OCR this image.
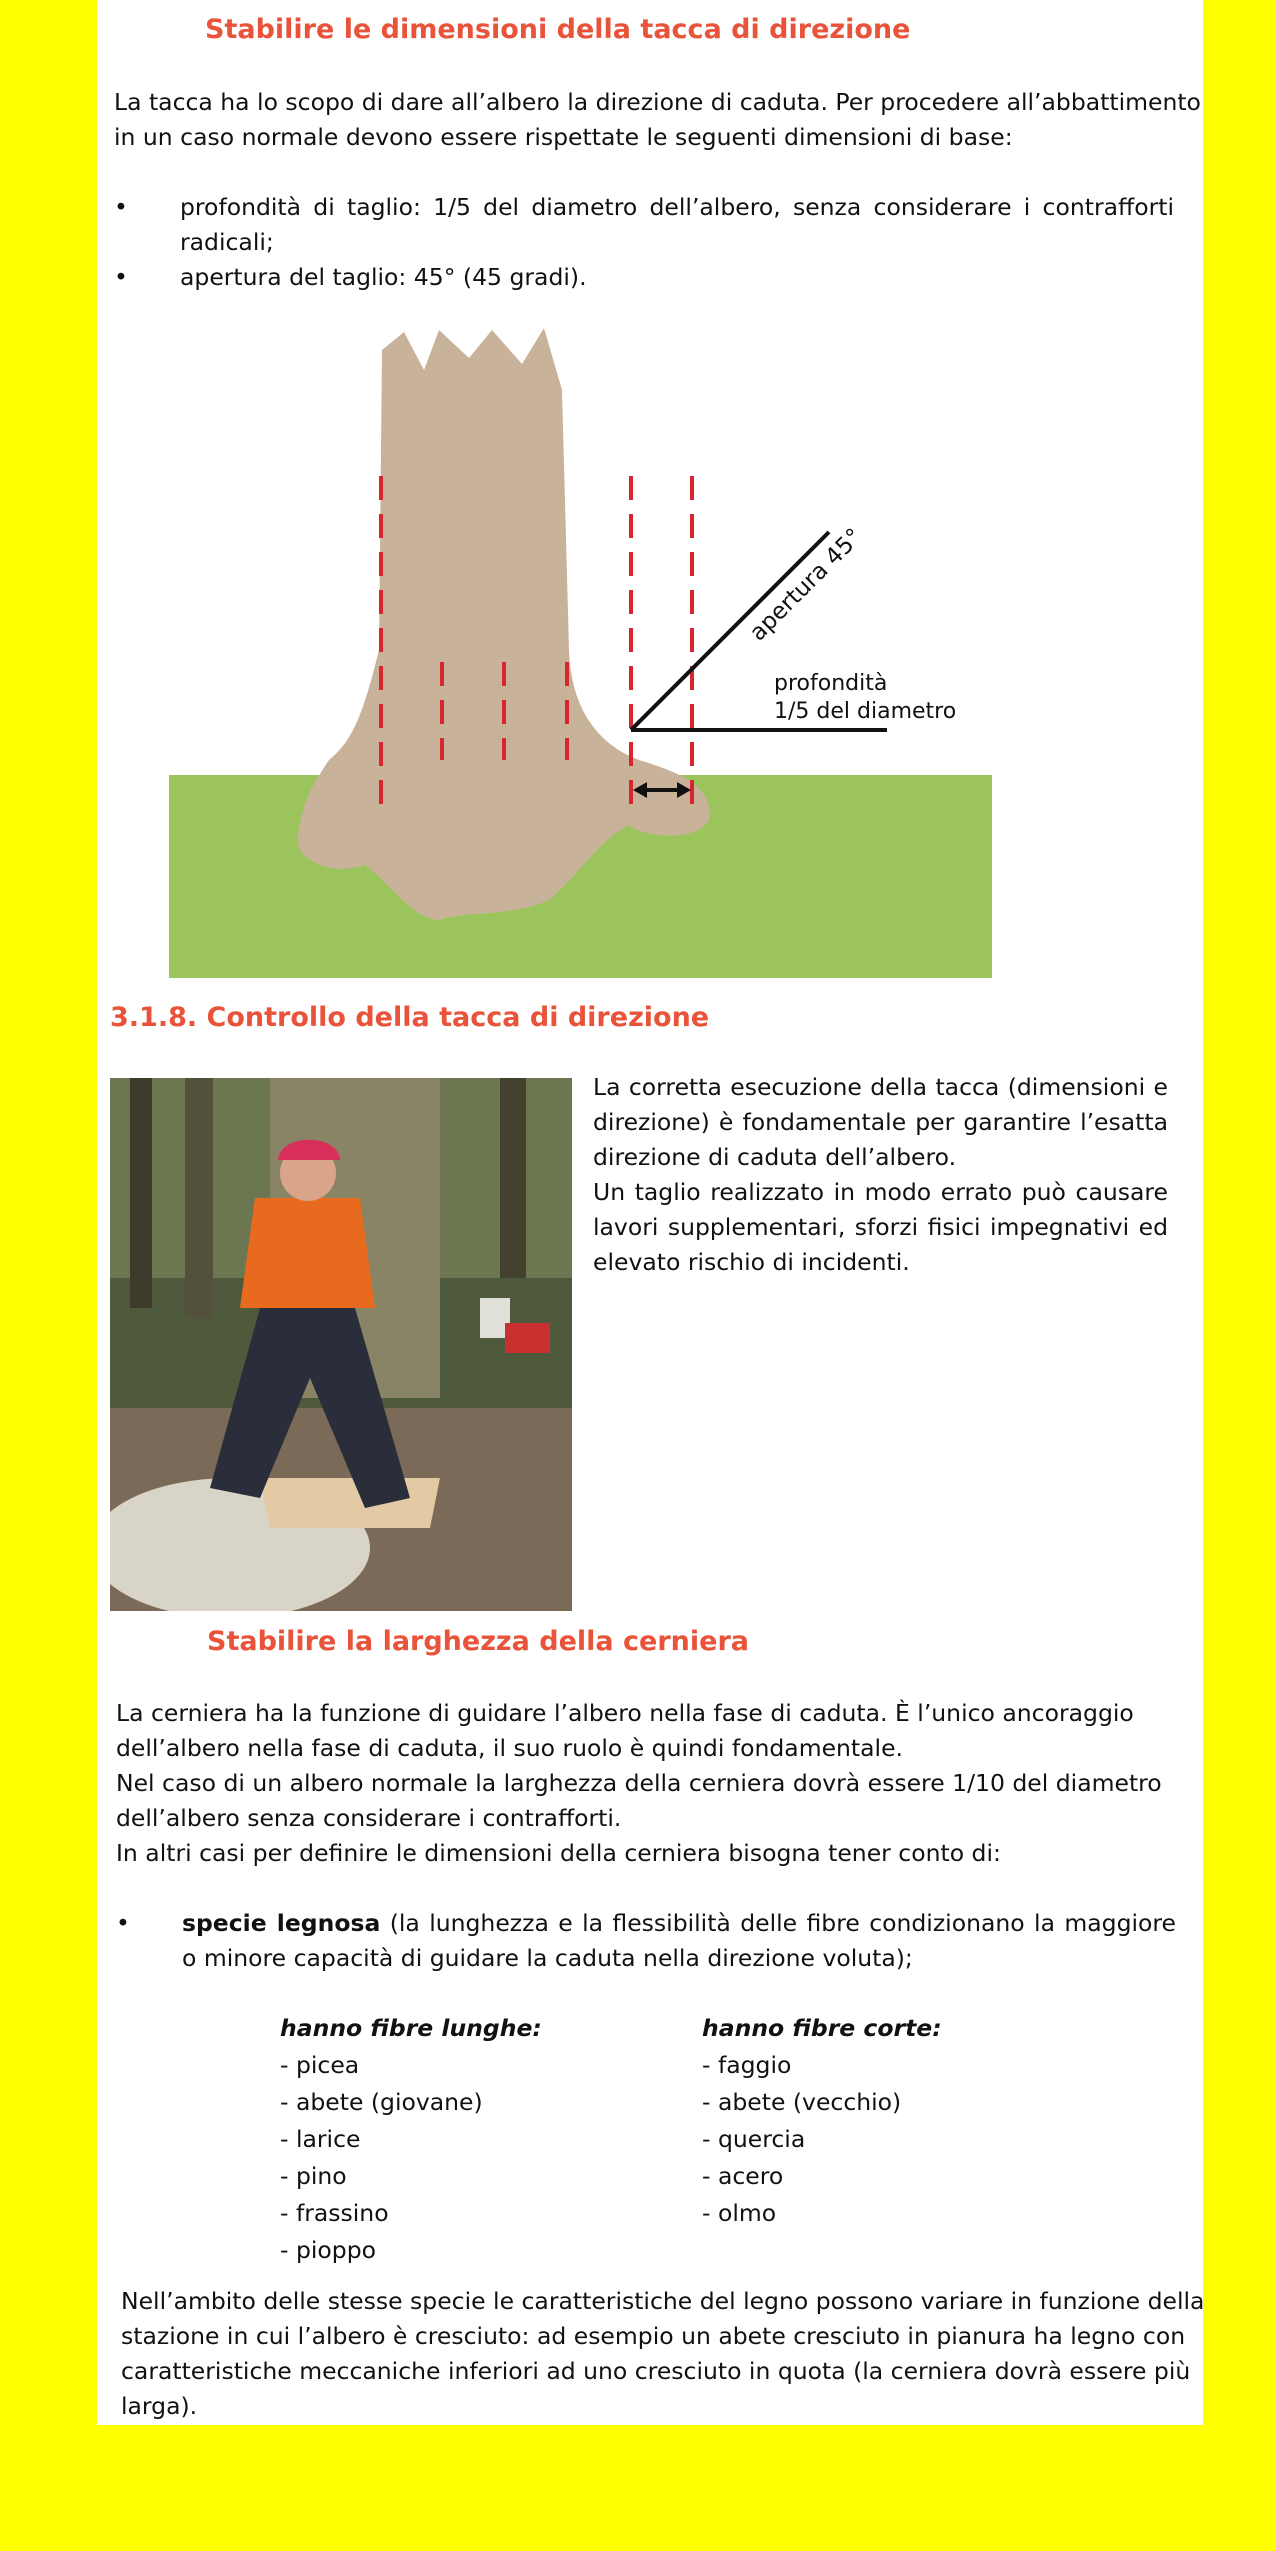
Stabilire le dimensioni della tacca di direzione
La tacca ha lo scopo di dare all’albero la direzione di caduta. Per procedere all’abbattimento
in un caso normale devono essere rispettate le seguenti dimensioni di base:
• profondità di taglio: 1/5 del diametro dell’albero, senza considerare i contrafforti radicali;
• apertura del taglio: 45° (45 gradi).
apertura 45°
profondità
1/5 del diametro
3.1.8. Controllo della tacca di direzione
La corretta esecuzione della tacca (dimensioni e
direzione) è fondamentale per garantire l’esatta
direzione di caduta dell’albero.
Un taglio realizzato in modo errato può causare
lavori supplementari, sforzi fisici impegnativi ed
elevato rischio di incidenti.
Stabilire la larghezza della cerniera
La cerniera ha la funzione di guidare l’albero nella fase di caduta. È l’unico ancoraggio
dell’albero nella fase di caduta, il suo ruolo è quindi fondamentale.
Nel caso di un albero normale la larghezza della cerniera dovrà essere 1/10 del diametro
dell’albero senza considerare i contrafforti.
In altri casi per definire le dimensioni della cerniera bisogna tener conto di:
• specie legnosa (la lunghezza e la flessibilità delle fibre condizionano la maggiore o minore capacità di guidare la caduta nella direzione voluta);
hanno fibre lunghe:
- picea
- abete (giovane)
- larice
- pino
- frassino
- pioppo
hanno fibre corte:
- faggio
- abete (vecchio)
- quercia
- acero
- olmo
Nell’ambito delle stesse specie le caratteristiche del legno possono variare in funzione della
stazione in cui l’albero è cresciuto: ad esempio un abete cresciuto in pianura ha legno con
caratteristiche meccaniche inferiori ad uno cresciuto in quota (la cerniera dovrà essere più
larga).
